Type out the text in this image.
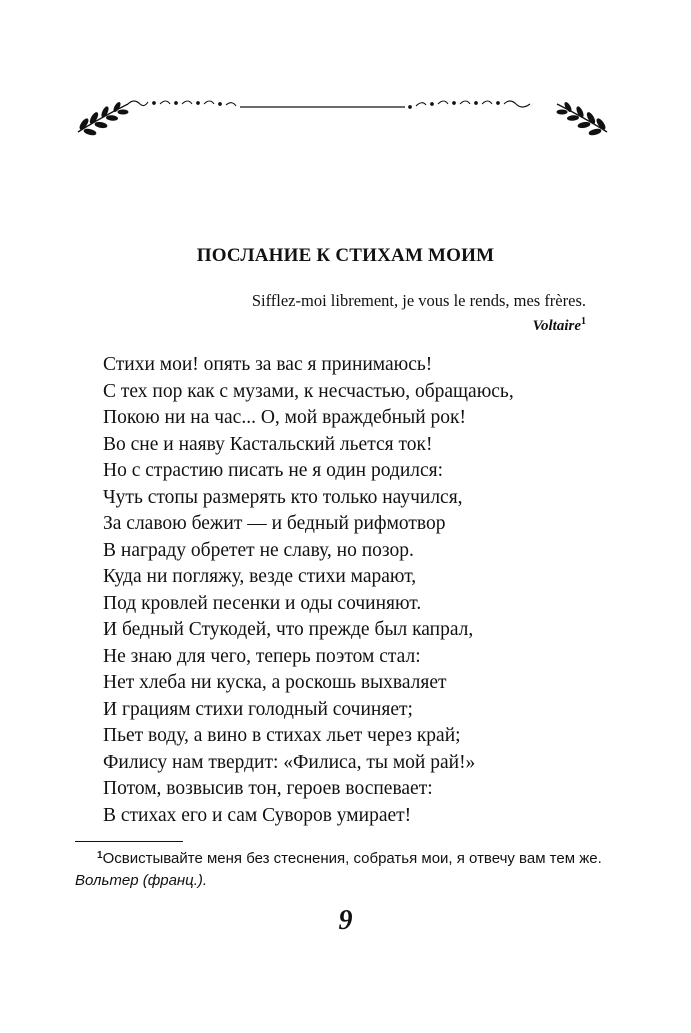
ПОСЛАНИЕ К СТИХАМ МОИМ
Sifflez-moi librement, je vous le rends, mes frères.
Voltaire$^1$
Стихи мои! опять за вас я принимаюсь!
С тех пор как с музами, к несчастью, обращаюсь,
Покою ни на час... О, мой враждебный рок!
Во сне и наяву Кастальский льется ток!
Но с страстию писать не я один родился:
Чуть стопы размерять кто только научился,
За славою бежит — и бедный рифмотвор
В награду обретет не славу, но позор.
Куда ни погляжу, везде стихи марают,
Под кровлей песенки и оды сочиняют.
И бедный Стукодей, что прежде был капрал,
Не знаю для чего, теперь поэтом стал:
Нет хлеба ни куска, а роскошь выхваляет
И грациям стихи голодный сочиняет;
Пьет воду, а вино в стихах льет через край;
Филису нам твердит: «Филиса, ты мой рай!»
Потом, возвысив тон, героев воспевает:
В стихах его и сам Суворов умирает!
$^1$Освистывайте меня без стеснения, собратья мои, я отвечу вам тем же. Вольтер (франц.).
9
